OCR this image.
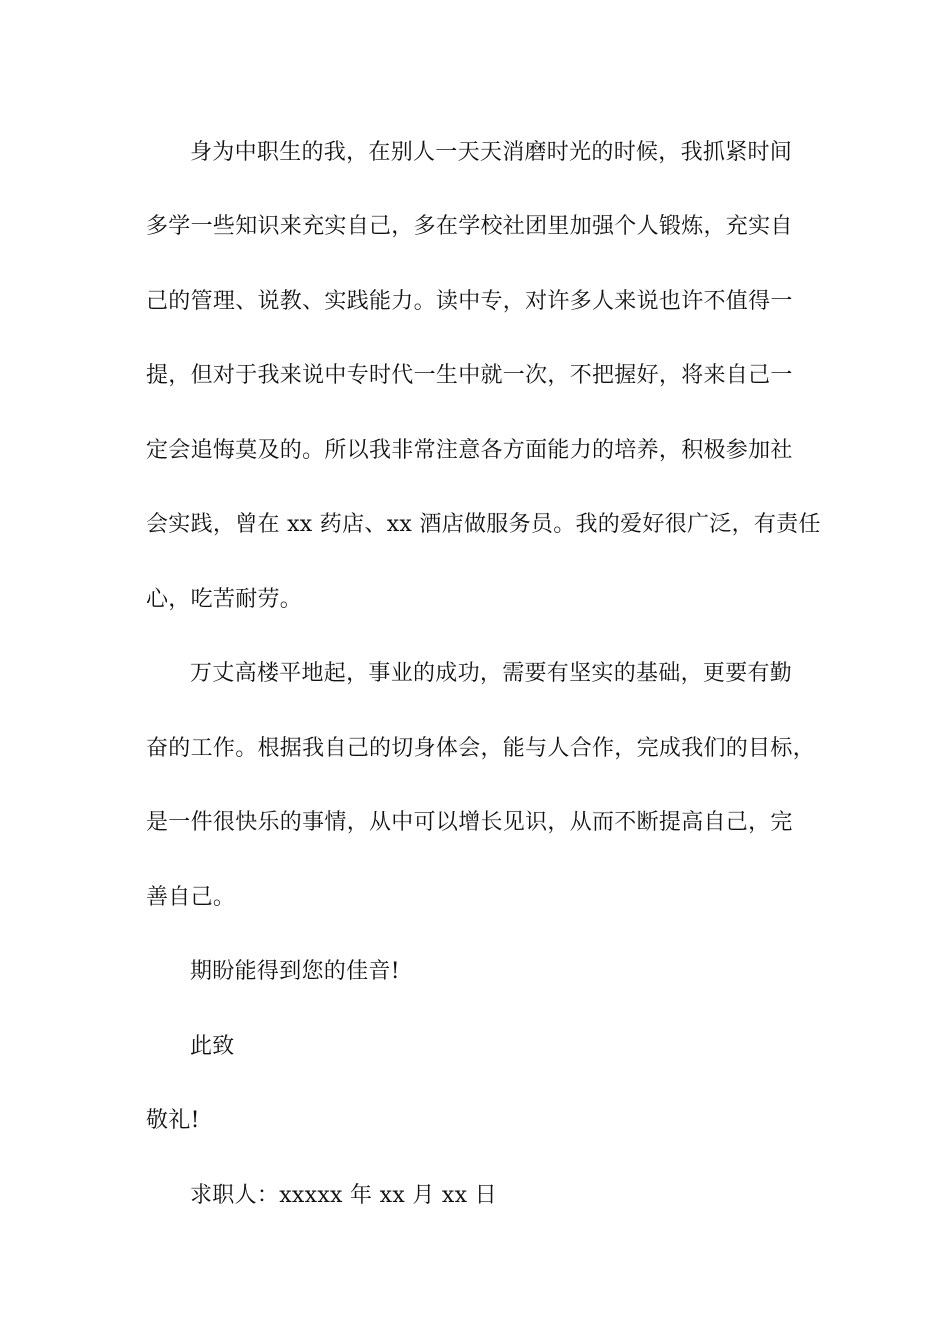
身为中职生的我，在别人一天天消磨时光的时候，我抓紧时间
多学一些知识来充实自己，多在学校社团里加强个人锻炼，充实自
己的管理、说教、实践能力。读中专，对许多人来说也许不值得一
提，但对于我来说中专时代一生中就一次，不把握好，将来自己一
定会追悔莫及的。所以我非常注意各方面能力的培养，积极参加社
会实践，曾在 xx 药店、xx 酒店做服务员。我的爱好很广泛，有责任
心，吃苦耐劳。
万丈高楼平地起，事业的成功，需要有坚实的基础，更要有勤
奋的工作。根据我自己的切身体会，能与人合作，完成我们的目标，
是一件很快乐的事情，从中可以增长见识，从而不断提高自己，完
善自己。
期盼能得到您的佳音!
此致
敬礼!
求职人：xxxxx 年 xx 月 xx 日
